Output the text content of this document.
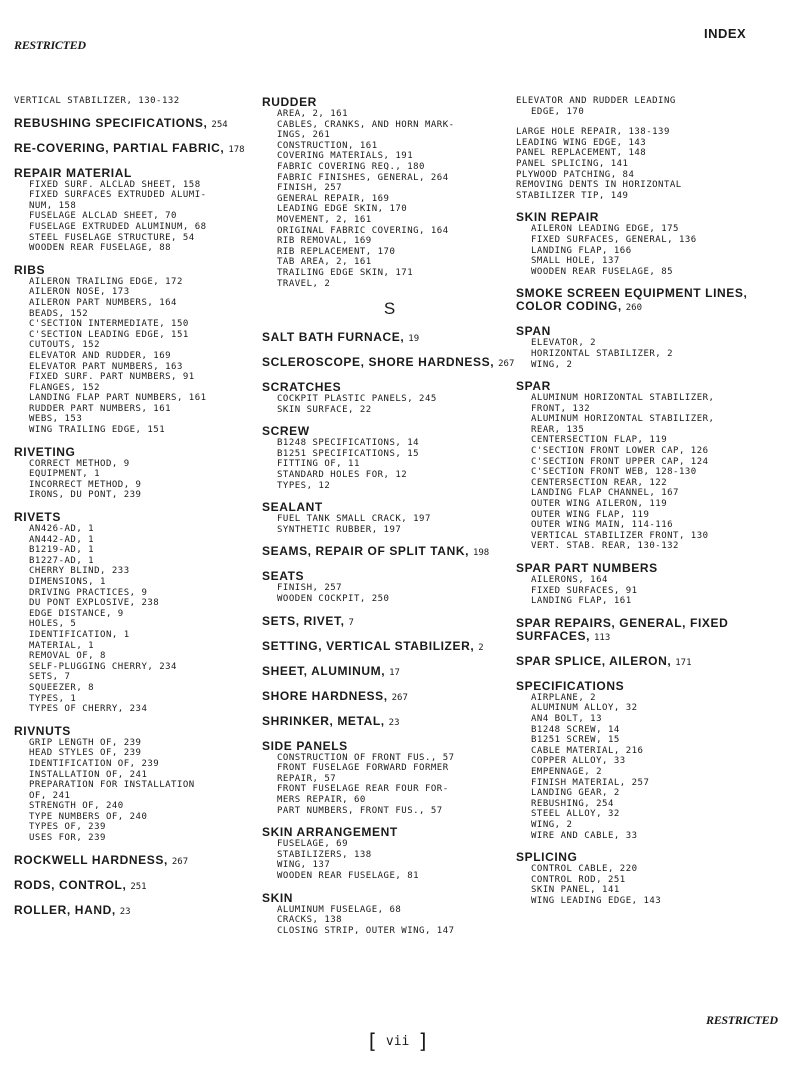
RESTRICTED
INDEX
VERTICAL STABILIZER, 130-132
REBUSHING SPECIFICATIONS, 254
RE-COVERING, PARTIAL FABRIC, 178
REPAIR MATERIAL
FIXED SURF. ALCLAD SHEET, 158
FIXED SURFACES EXTRUDED ALUMI-
NUM, 158
FUSELAGE ALCLAD SHEET, 70
FUSELAGE EXTRUDED ALUMINUM, 68
STEEL FUSELAGE STRUCTURE, 54
WOODEN REAR FUSELAGE, 88
RIBS
AILERON TRAILING EDGE, 172
AILERON NOSE, 173
AILERON PART NUMBERS, 164
BEADS, 152
C'SECTION INTERMEDIATE, 150
C'SECTION LEADING EDGE, 151
CUTOUTS, 152
ELEVATOR AND RUDDER, 169
ELEVATOR PART NUMBERS, 163
FIXED SURF. PART NUMBERS, 91
FLANGES, 152
LANDING FLAP PART NUMBERS, 161
RUDDER PART NUMBERS, 161
WEBS, 153
WING TRAILING EDGE, 151
RIVETING
CORRECT METHOD, 9
EQUIPMENT, 1
INCORRECT METHOD, 9
IRONS, DU PONT, 239
RIVETS
AN426-AD, 1
AN442-AD, 1
B1219-AD, 1
B1227-AD, 1
CHERRY BLIND, 233
DIMENSIONS, 1
DRIVING PRACTICES, 9
DU PONT EXPLOSIVE, 238
EDGE DISTANCE, 9
HOLES, 5
IDENTIFICATION, 1
MATERIAL, 1
REMOVAL OF, 8
SELF-PLUGGING CHERRY, 234
SETS, 7
SQUEEZER, 8
TYPES, 1
TYPES OF CHERRY, 234
RIVNUTS
GRIP LENGTH OF, 239
HEAD STYLES OF, 239
IDENTIFICATION OF, 239
INSTALLATION OF, 241
PREPARATION FOR INSTALLATION
OF, 241
STRENGTH OF, 240
TYPE NUMBERS OF, 240
TYPES OF, 239
USES FOR, 239
ROCKWELL HARDNESS, 267
RODS, CONTROL, 251
ROLLER, HAND, 23
RUDDER
AREA, 2, 161
CABLES, CRANKS, AND HORN MARK-
INGS, 261
CONSTRUCTION, 161
COVERING MATERIALS, 191
FABRIC COVERING REQ., 180
FABRIC FINISHES, GENERAL, 264
FINISH, 257
GENERAL REPAIR, 169
LEADING EDGE SKIN, 170
MOVEMENT, 2, 161
ORIGINAL FABRIC COVERING, 164
RIB REMOVAL, 169
RIB REPLACEMENT, 170
TAB AREA, 2, 161
TRAILING EDGE SKIN, 171
TRAVEL, 2
S
SALT BATH FURNACE, 19
SCLEROSCOPE, SHORE HARDNESS, 267
SCRATCHES
COCKPIT PLASTIC PANELS, 245
SKIN SURFACE, 22
SCREW
B1248 SPECIFICATIONS, 14
B1251 SPECIFICATIONS, 15
FITTING OF, 11
STANDARD HOLES FOR, 12
TYPES, 12
SEALANT
FUEL TANK SMALL CRACK, 197
SYNTHETIC RUBBER, 197
SEAMS, REPAIR OF SPLIT TANK, 198
SEATS
FINISH, 257
WOODEN COCKPIT, 250
SETS, RIVET, 7
SETTING, VERTICAL STABILIZER, 2
SHEET, ALUMINUM, 17
SHORE HARDNESS, 267
SHRINKER, METAL, 23
SIDE PANELS
CONSTRUCTION OF FRONT FUS., 57
FRONT FUSELAGE FORWARD FORMER
REPAIR, 57
FRONT FUSELAGE REAR FOUR FOR-
MERS REPAIR, 60
PART NUMBERS, FRONT FUS., 57
SKIN ARRANGEMENT
FUSELAGE, 69
STABILIZERS, 138
WING, 137
WOODEN REAR FUSELAGE, 81
SKIN
ALUMINUM FUSELAGE, 68
CRACKS, 138
CLOSING STRIP, OUTER WING, 147
ELEVATOR AND RUDDER LEADING
EDGE, 170
LARGE HOLE REPAIR, 138-139
LEADING WING EDGE, 143
PANEL REPLACEMENT, 148
PANEL SPLICING, 141
PLYWOOD PATCHING, 84
REMOVING DENTS IN HORIZONTAL
STABILIZER TIP, 149
SKIN REPAIR
AILERON LEADING EDGE, 175
FIXED SURFACES, GENERAL, 136
LANDING FLAP, 166
SMALL HOLE, 137
WOODEN REAR FUSELAGE, 85
SMOKE SCREEN EQUIPMENT LINES,
COLOR CODING, 260
SPAN
ELEVATOR, 2
HORIZONTAL STABILIZER, 2
WING, 2
SPAR
ALUMINUM HORIZONTAL STABILIZER,
FRONT, 132
ALUMINUM HORIZONTAL STABILIZER,
REAR, 135
CENTERSECTION FLAP, 119
C'SECTION FRONT LOWER CAP, 126
C'SECTION FRONT UPPER CAP, 124
C'SECTION FRONT WEB, 128-130
CENTERSECTION REAR, 122
LANDING FLAP CHANNEL, 167
OUTER WING AILERON, 119
OUTER WING FLAP, 119
OUTER WING MAIN, 114-116
VERTICAL STABILIZER FRONT, 130
VERT. STAB. REAR, 130-132
SPAR PART NUMBERS
AILERONS, 164
FIXED SURFACES, 91
LANDING FLAP, 161
SPAR REPAIRS, GENERAL, FIXED
SURFACES, 113
SPAR SPLICE, AILERON, 171
SPECIFICATIONS
AIRPLANE, 2
ALUMINUM ALLOY, 32
AN4 BOLT, 13
B1248 SCREW, 14
B1251 SCREW, 15
CABLE MATERIAL, 216
COPPER ALLOY, 33
EMPENNAGE, 2
FINISH MATERIAL, 257
LANDING GEAR, 2
REBUSHING, 254
STEEL ALLOY, 32
WING, 2
WIRE AND CABLE, 33
SPLICING
CONTROL CABLE, 220
CONTROL ROD, 251
SKIN PANEL, 141
WING LEADING EDGE, 143
[ vii ]
RESTRICTED
